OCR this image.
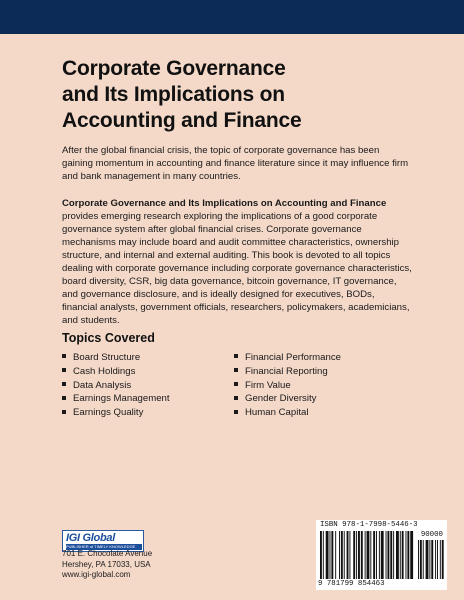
Corporate Governance
and Its Implications on
Accounting and Finance
After the global financial crisis, the topic of corporate governance has been gaining momentum in accounting and finance literature since it may influence firm and bank management in many countries.
Corporate Governance and Its Implications on Accounting and Finance provides emerging research exploring the implications of a good corporate governance system after global financial crises. Corporate governance mechanisms may include board and audit committee characteristics, ownership structure, and internal and external auditing. This book is devoted to all topics dealing with corporate governance including corporate governance characteristics, board diversity, CSR, big data governance, bitcoin governance, IT governance, and governance disclosure, and is ideally designed for executives, BODs, financial analysts, government officials, researchers, policymakers, academicians, and students.
Topics Covered
Board Structure
Cash Holdings
Data Analysis
Earnings Management
Earnings Quality
Financial Performance
Financial Reporting
Firm Value
Gender Diversity
Human Capital
IGI Global
PUBLISHER of TIMELY KNOWLEDGE
701 E. Chocolate Avenue
Hershey, PA 17033, USA
www.igi-global.com
ISBN 978-1-7998-5446-3
90000
9 781799 854463
